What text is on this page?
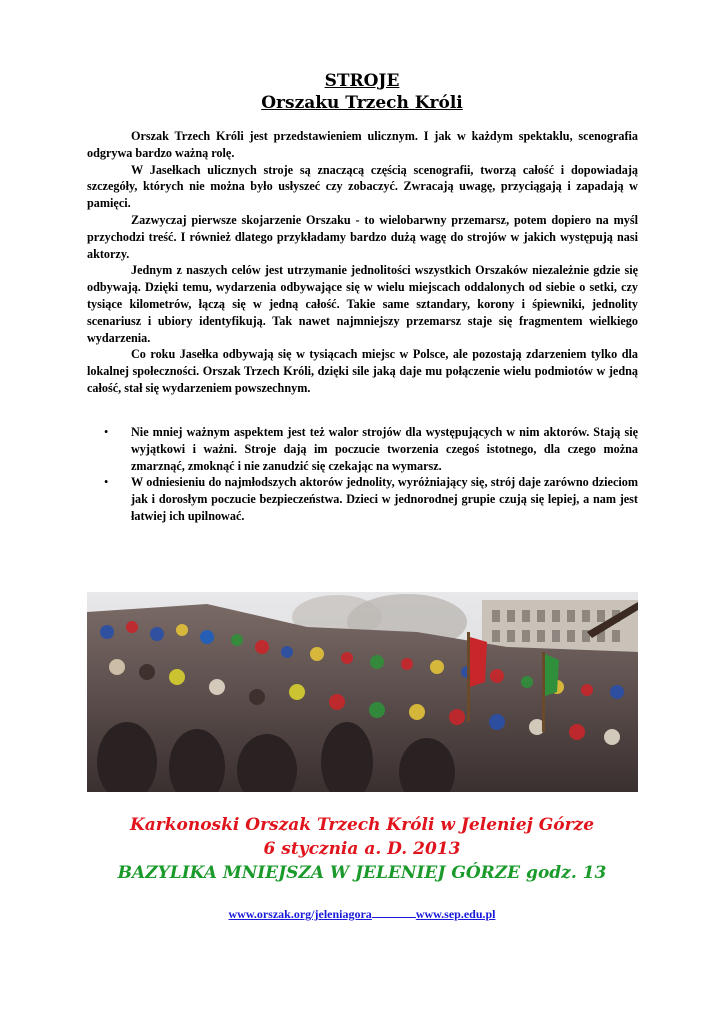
STROJE
Orszaku Trzech Króli

Orszak Trzech Króli jest przedstawieniem ulicznym. I jak w każdym spektaklu, scenografia odgrywa bardzo ważną rolę.

W Jasełkach ulicznych stroje są znaczącą częścią scenografii, tworzą całość i dopowiadają szczegóły, których nie można było usłyszeć czy zobaczyć. Zwracają uwagę, przyciągają i zapadają w pamięci.

Zazwyczaj pierwsze skojarzenie Orszaku - to wielobarwny przemarsz, potem dopiero na myśl przychodzi treść. I również dlatego przykładamy bardzo dużą wagę do strojów w jakich występują nasi aktorzy.

Jednym z naszych celów jest utrzymanie jednolitości wszystkich Orszaków niezależnie gdzie się odbywają. Dzięki temu, wydarzenia odbywające się w wielu miejscach oddalonych od siebie o setki, czy tysiące kilometrów, łączą się w jedną całość. Takie same sztandary, korony i śpiewniki, jednolity scenariusz i ubiory identyfikują. Tak nawet najmniejszy przemarsz staje się fragmentem wielkiego wydarzenia.

Co roku Jasełka odbywają się w tysiącach miejsc w Polsce, ale pozostają zdarzeniem tylko dla lokalnej społeczności. Orszak Trzech Króli, dzięki sile jaką daje mu połączenie wielu podmiotów w jedną całość, stał się wydarzeniem powszechnym.

• Nie mniej ważnym aspektem jest też walor strojów dla występujących w nim aktorów. Stają się wyjątkowi i ważni. Stroje dają im poczucie tworzenia czegoś istotnego, dla czego można zmarznąć, zmoknąć i nie zanudzić się czekając na wymarsz.
• W odniesieniu do najmłodszych aktorów jednolity, wyróżniający się, strój daje zarówno dzieciom jak i dorosłym poczucie bezpieczeństwa. Dzieci w jednorodnej grupie czują się lepiej, a nam jest łatwiej ich upilnować.
Karkonoski Orszak Trzech Króli w Jeleniej Górze
6 stycznia a. D. 2013
BAZYLIKA MNIEJSZA W JELENIEJ GÓRZE godz. 13
www.orszak.org/jeleniagora	www.sep.edu.pl
